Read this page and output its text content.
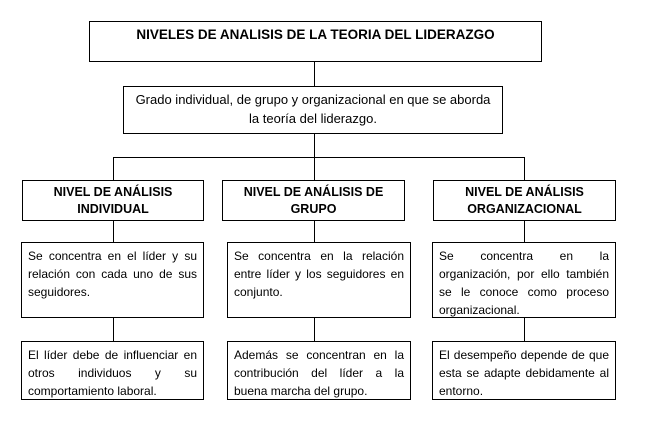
NIVELES DE ANALISIS DE LA TEORIA DEL LIDERAZGO
Grado individual, de grupo y organizacional en que se aborda la teoría del liderazgo.
NIVEL DE ANÁLISIS INDIVIDUAL
NIVEL DE ANÁLISIS DE GRUPO
NIVEL DE ANÁLISIS ORGANIZACIONAL
Se concentra en el líder y su relación con cada uno de sus seguidores.
Se concentra en la relación entre líder y los seguidores en conjunto.
Se concentra en la organización, por ello también se le conoce como proceso organizacional.
El líder debe de influenciar en otros individuos y su comportamiento laboral.
Además se concentran en la contribución del líder a la buena marcha del grupo.
El desempeño depende de que esta se adapte debidamente al entorno.
